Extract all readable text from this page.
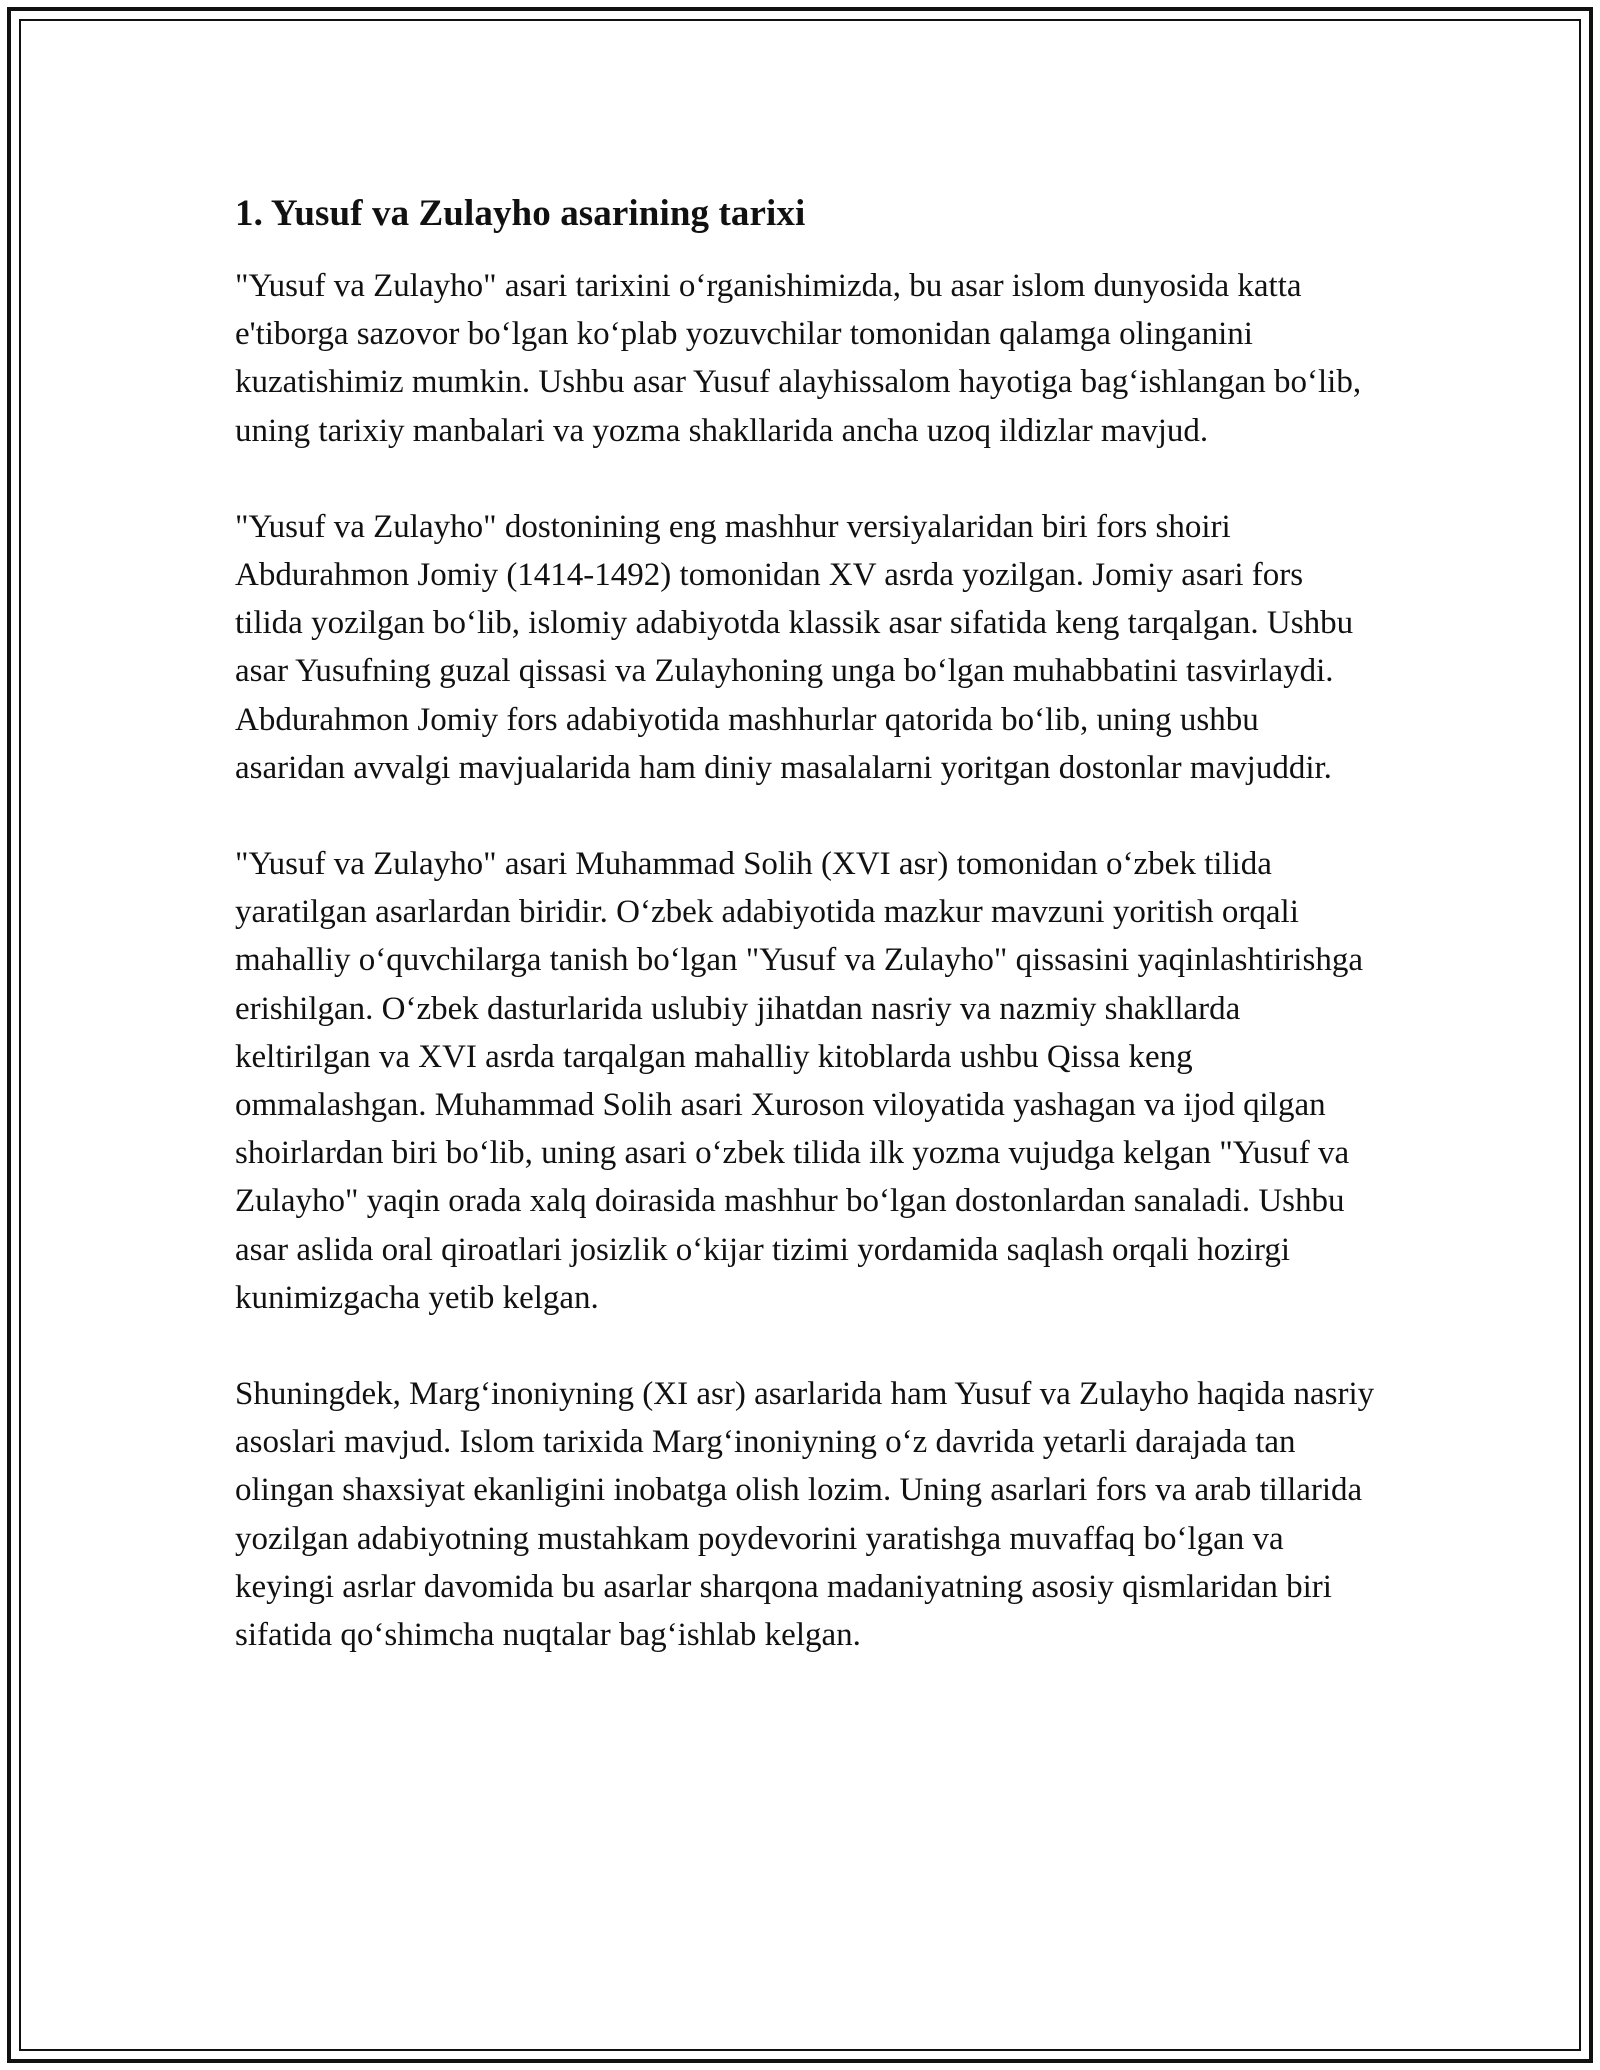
1. Yusuf va Zulayho asarining tarixi

"Yusuf va Zulayho" asari tarixini oʻrganishimizda, bu asar islom dunyosida katta e'tiborga sazovor boʻlgan koʻplab yozuvchilar tomonidan qalamga olinganini kuzatishimiz mumkin. Ushbu asar Yusuf alayhissalom hayotiga bagʻishlangan boʻlib, uning tarixiy manbalari va yozma shakllarida ancha uzoq ildizlar mavjud.

"Yusuf va Zulayho" dostonining eng mashhur versiyalaridan biri fors shoiri Abdurahmon Jomiy (1414-1492) tomonidan XV asrda yozilgan. Jomiy asari fors tilida yozilgan boʻlib, islomiy adabiyotda klassik asar sifatida keng tarqalgan. Ushbu asar Yusufning guzal qissasi va Zulayhoning unga boʻlgan muhabbatini tasvirlaydi. Abdurahmon Jomiy fors adabiyotida mashhurlar qatorida boʻlib, uning ushbu asaridan avvalgi mavjualarida ham diniy masalalarni yoritgan dostonlar mavjuddir.

"Yusuf va Zulayho" asari Muhammad Solih (XVI asr) tomonidan oʻzbek tilida yaratilgan asarlardan biridir. Oʻzbek adabiyotida mazkur mavzuni yoritish orqali mahalliy oʻquvchilarga tanish boʻlgan "Yusuf va Zulayho" qissasini yaqinlashtirishga erishilgan. Oʻzbek dasturlarida uslubiy jihatdan nasriy va nazmiy shakllarda keltirilgan va XVI asrda tarqalgan mahalliy kitoblarda ushbu Qissa keng ommalashgan. Muhammad Solih asari Xuroson viloyatida yashagan va ijod qilgan shoirlardan biri boʻlib, uning asari oʻzbek tilida ilk yozma vujudga kelgan "Yusuf va Zulayho" yaqin orada xalq doirasida mashhur boʻlgan dostonlardan sanaladi. Ushbu asar aslida oral qiroatlari josizlik oʻkijar tizimi yordamida saqlash orqali hozirgi kunimizgacha yetib kelgan.

Shuningdek, Margʻinoniyning (XI asr) asarlarida ham Yusuf va Zulayho haqida nasriy asoslari mavjud. Islom tarixida Margʻinoniyning oʻz davrida yetarli darajada tan olingan shaxsiyat ekanligini inobatga olish lozim. Uning asarlari fors va arab tillarida yozilgan adabiyotning mustahkam poydevorini yaratishga muvaffaq boʻlgan va keyingi asrlar davomida bu asarlar sharqona madaniyatning asosiy qismlaridan biri sifatida qoʻshimcha nuqtalar bagʻishlab kelgan.
